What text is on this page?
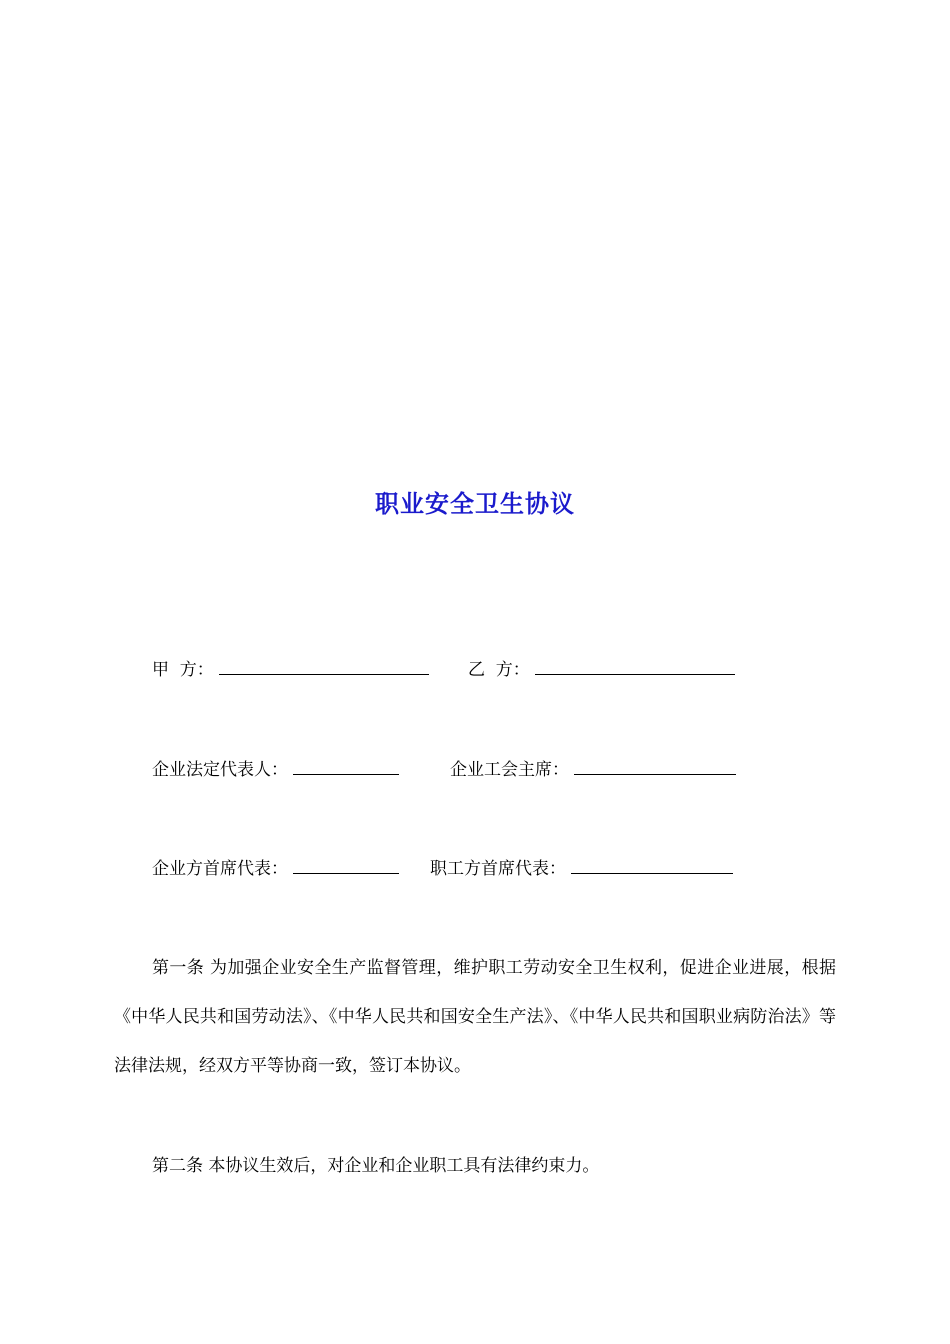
职业安全卫生协议
甲  方：	乙  方：
企业法定代表人：	企业工会主席：
企业方首席代表：	职工方首席代表：
第一条 为加强企业安全生产监督管理，维护职工劳动安全卫生权利，促进企业进展，根据《中华人民共和国劳动法》、《中华人民共和国安全生产法》、《中华人民共和国职业病防治法》等法律法规，经双方平等协商一致，签订本协议。
第二条 本协议生效后，对企业和企业职工具有法律约束力。
